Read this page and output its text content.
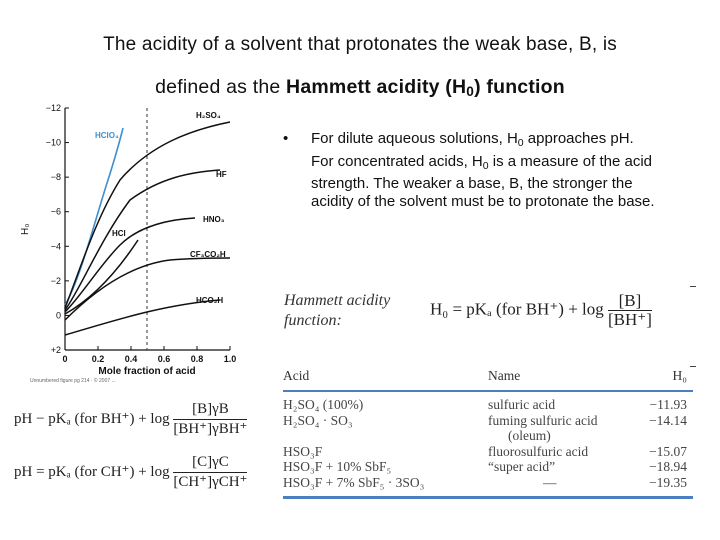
The acidity of a solvent that protonates the weak base, B, is
defined as the Hammett acidity $(H_0)$ function
−12
−10
−8
−6
−4
−2
0
+2
0	0.2 0.4 0.6 0.8 1.0
H₀
Mole fraction of acid
H₂SO₄
HClO₄
HF
HNO₃
HCl
CF₃CO₂H
HCO₂H
Unnumbered figure pg 214 · © 2007 ...
• For dilute aqueous solutions, $H_0$ approaches pH. For concentrated acids, $H_0$ is a measure of the acid strength. The weaker a base, B, the stronger the acidity of the solvent must be to protonate the base.
Hammett acidity
function:
H₀ = pKₐ (for $BH^+) + \log \frac{[B]}{[BH^+]}$
Acid	Name	H₀
H₂SO₄ (100%)	sulfuric acid	−11.93
H₂SO₄ · SO₃	fuming sulfuric acid	−14.14
	(oleum)	
HSO₃F	fluorosulfuric acid	−15.07
HSO₃F + 10% SbF₅	“super acid”	−18.94
HSO₃F + 7% SbF₅ · 3SO₃	—	−19.35
pH − pKₐ (for $BH^+) + \log \frac{[B]\gamma B}{\text{[BH⁺]γBH⁺}}$
pH = pKₐ (for $CH^+) + \log \frac{[C]\gamma C}{\text{[CH⁺]γCH⁺}}$
